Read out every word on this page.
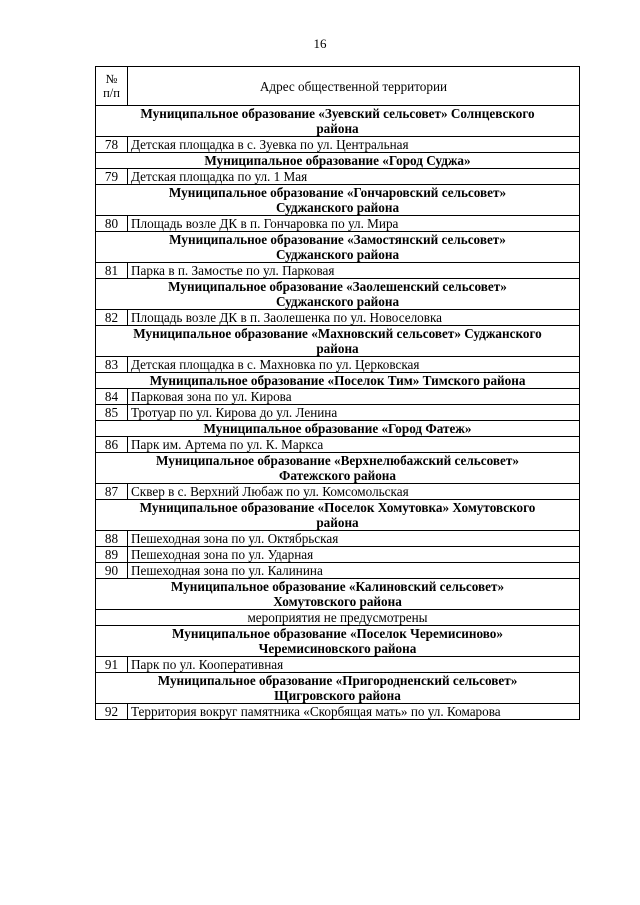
16
№
п/п	Адрес общественной территории
Муниципальное образование «Зуевский сельсовет» Солнцевского
района	
78	Детская площадка в с. Зуевка по ул. Центральная
Муниципальное образование «Город Суджа»	
79	Детская площадка по ул. 1 Мая
Муниципальное образование «Гончаровский сельсовет»
Суджанского района	
80	Площадь возле ДК в п. Гончаровка по ул. Мира
Муниципальное образование «Замостянский сельсовет»
Суджанского района	
81	Парка в п. Замостье по ул. Парковая
Муниципальное образование «Заолешенский сельсовет»
Суджанского района	
82	Площадь возле ДК в п. Заолешенка по ул. Новоселовка
Муниципальное образование «Махновский сельсовет» Суджанского
района	
83	Детская площадка в с. Махновка по ул. Церковская
Муниципальное образование «Поселок Тим» Тимского района	
84	Парковая зона по ул. Кирова
85	Тротуар по ул. Кирова до ул. Ленина
Муниципальное образование «Город Фатеж»	
86	Парк им. Артема по ул. К. Маркса
Муниципальное образование «Верхнелюбажский сельсовет»
Фатежского района	
87	Сквер в с. Верхний Любаж по ул. Комсомольская
Муниципальное образование «Поселок Хомутовка» Хомутовского
района	
88	Пешеходная зона по ул. Октябрьская
89	Пешеходная зона по ул. Ударная
90	Пешеходная зона по ул. Калинина
Муниципальное образование «Калиновский сельсовет»
Хомутовского района	
мероприятия не предусмотрены	
Муниципальное образование «Поселок Черемисиново»
Черемисиновского района	
91	Парк по ул. Кооперативная
Муниципальное образование «Пригородненский сельсовет»
Щигровского района	
92	Территория вокруг памятника «Скорбящая мать» по ул. Комарова
